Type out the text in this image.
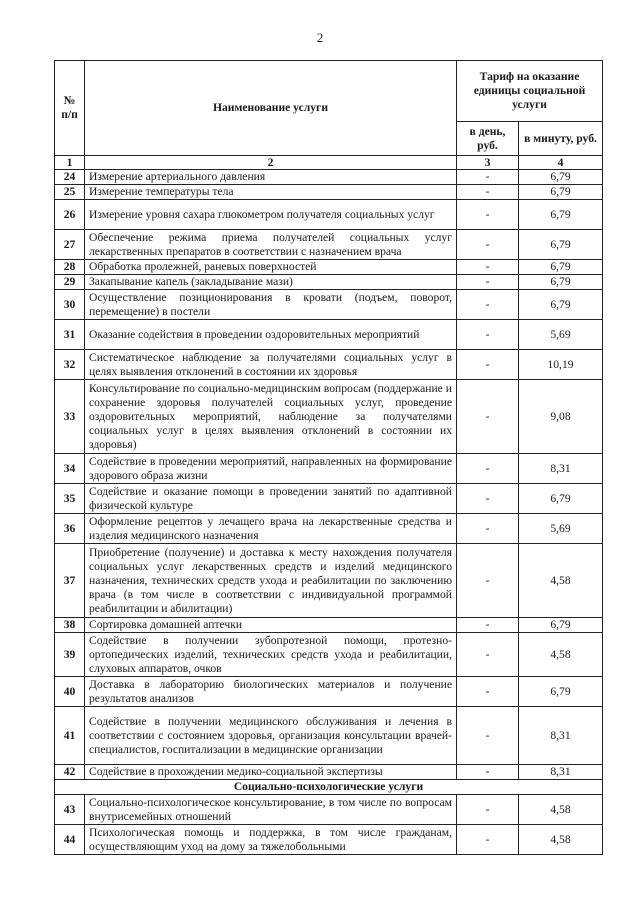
2
№ п/п	Наименование услуги	Тариф на оказание единицы социальной услуги	
		в день, руб.	в минуту, руб.
1	2	3	4
24	Измерение артериального давления	-	6,79
25	Измерение температуры тела	-	6,79
26	Измерение уровня сахара глюкометром получателя социальных услуг	-	6,79
27	Обеспечение режима приема получателей социальных услуг лекарственных препаратов в соответствии с назначением врача	-	6,79
28	Обработка пролежней, раневых поверхностей	-	6,79
29	Закапывание капель (закладывание мази)	-	6,79
30	Осуществление позиционирования в кровати (подъем, поворот, перемещение) в постели	-	6,79
31	Оказание содействия в проведении оздоровительных мероприятий	-	5,69
32	Систематическое наблюдение за получателями социальных услуг в целях выявления отклонений в состоянии их здоровья	-	10,19
33	Консультирование по социально-медицинским вопросам (поддержание и сохранение здоровья получателей социальных услуг, проведение оздоровительных мероприятий, наблюдение за получателями социальных услуг в целях выявления отклонений в состоянии их здоровья)	-	9,08
34	Содействие в проведении мероприятий, направленных на формирование здорового образа жизни	-	8,31
35	Содействие и оказание помощи в проведении занятий по адаптивной физической культуре	-	6,79
36	Оформление рецептов у лечащего врача на лекарственные средства и изделия медицинского назначения	-	5,69
37	Приобретение (получение) и доставка к месту нахождения получателя социальных услуг лекарственных средств и изделий медицинского назначения, технических средств ухода и реабилитации по заключению врача (в том числе в соответствии с индивидуальной программой реабилитации и абилитации)	-	4,58
38	Сортировка домашней аптечки	-	6,79
39	Содействие в получении зубопротезной помощи, протезно-ортопедических изделий, технических средств ухода и реабилитации, слуховых аппаратов, очков	-	4,58
40	Доставка в лабораторию биологических материалов и получение результатов анализов	-	6,79
41	Содействие в получении медицинского обслуживания и лечения в соответствии с состоянием здоровья, организация консультации врачей-специалистов, госпитализации в медицинские организации	-	8,31
42	Содействие в прохождении медико-социальной экспертизы	-	8,31
Социально-психологические услуги			
43	Социально-психологическое консультирование, в том числе по вопросам внутрисемейных отношений	-	4,58
44	Психологическая помощь и поддержка, в том числе гражданам, осуществляющим уход на дому за тяжелобольными	-	4,58
